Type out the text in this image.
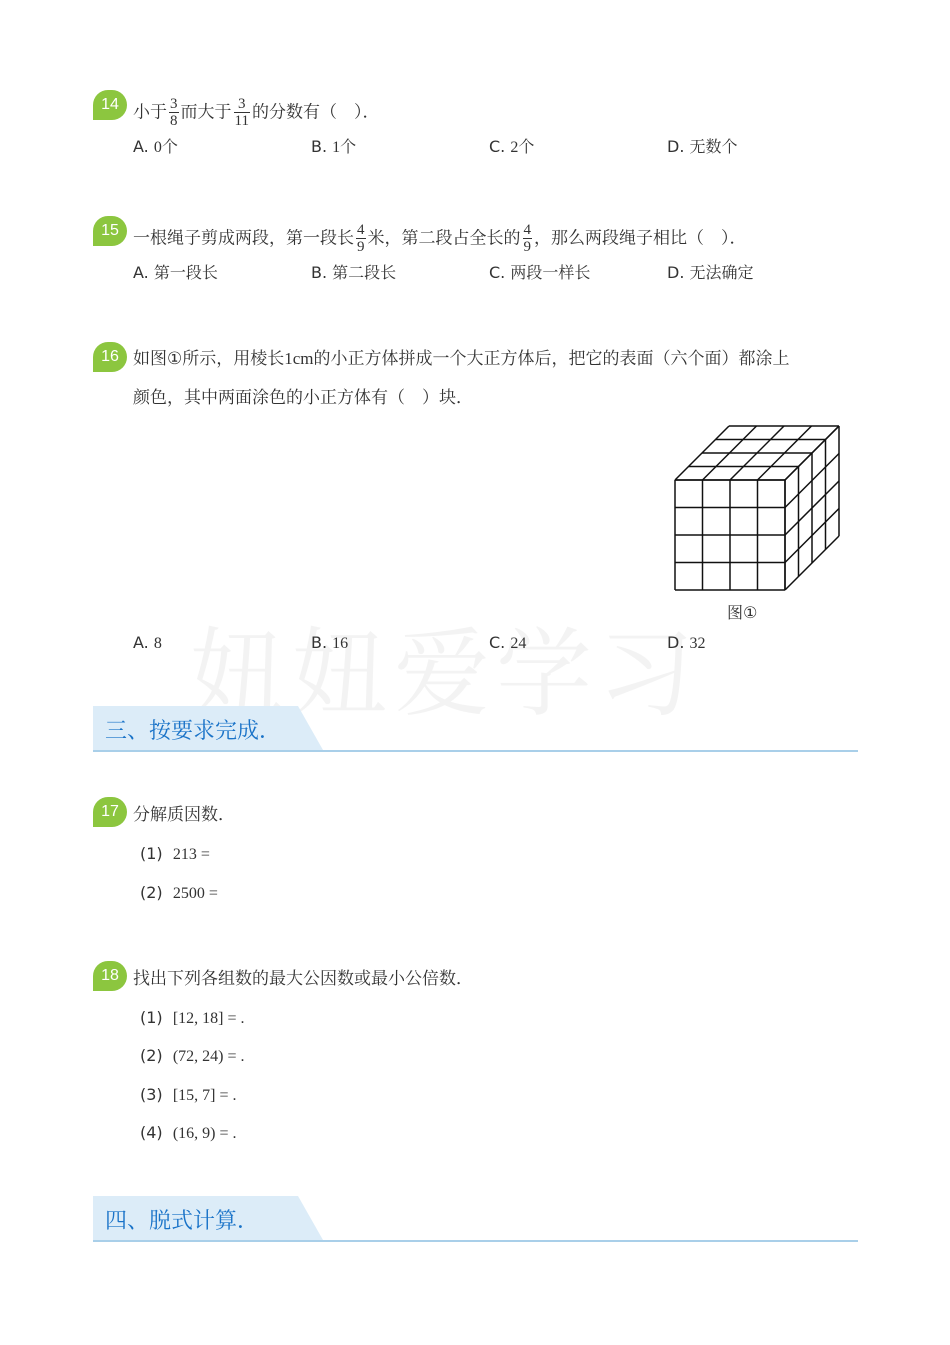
14 小于 $\frac{3}{8}$ 而大于 $\frac{3}{11}$ 的分数有（　）．
A. 0个	B. 1个	C. 2个	D. 无数个
15 一根绳子剪成两段，第一段长 $\frac{4}{9}$ 米，第二段占全长的 $\frac{4}{9}$ ，那么两段绳子相比（　）．
A. 第一段长	B. 第二段长	C. 两段一样长	D. 无法确定
16 如图①所示，用棱长1cm的小正方体拼成一个大正方体后，把它的表面（六个面）都涂上
颜色，其中两面涂色的小正方体有（　）块．
图①
A. 8	B. 16	C. 24	D. 32
三、按要求完成．
17 分解质因数．
(1) 213 =
(2) 2500 =
18 找出下列各组数的最大公因数或最小公倍数．
(1) [12, 18] = .
(2) (72, 24) = .
(3) [15, 7] = .
(4) (16, 9) = .
四、脱式计算．
